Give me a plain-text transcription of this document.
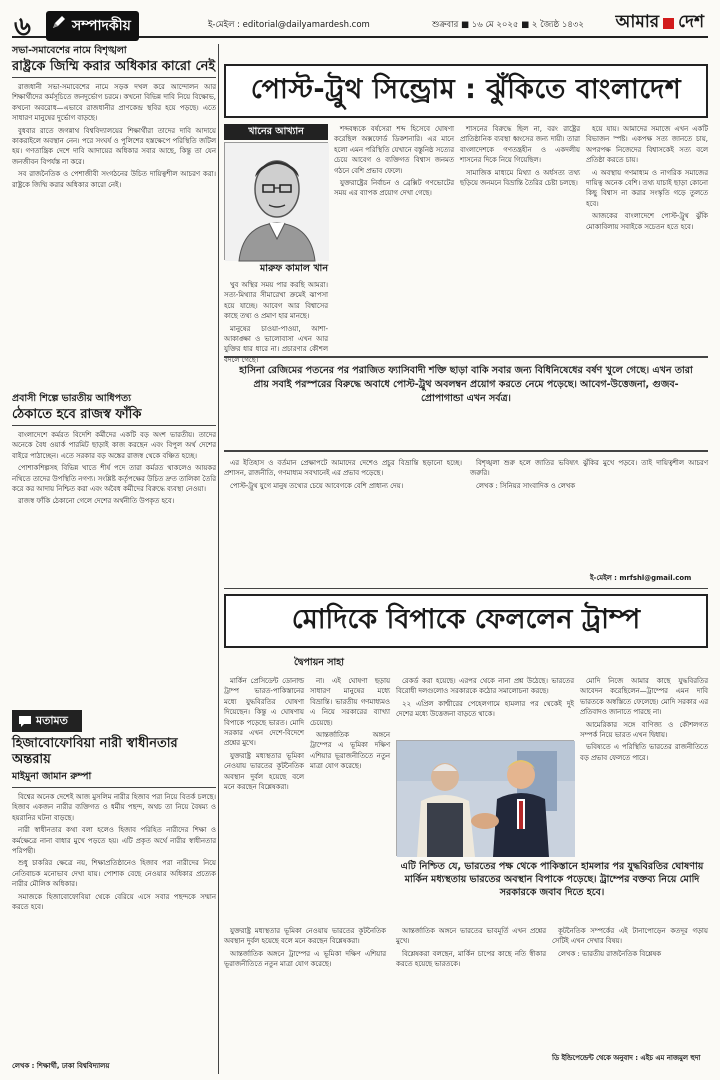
৬	সম্পাদকীয়	ই-মেইল : editorial@dailyamardesh.com	শুক্রবার ■ ১৬ মে ২০২৫ ■ ২ জ্যৈষ্ঠ ১৪৩২ আমার দেশ
সভা-সমাবেশের নামে বিশৃঙ্খলা
রাষ্ট্রকে জিম্মি করার অধিকার কারো নেই

রাজধানী সভা-সমাবেশের নামে সড়ক দখল করে আন্দোলন আর শিক্ষার্থীদের কর্মসূচিতে জনদুর্ভোগ চরমে। কখনো বিভিন্ন দাবি নিয়ে বিক্ষোভ, কখনো অবরোধ—এভাবে রাজধানীর প্রাণকেন্দ্র স্থবির হয়ে পড়ছে। এতে সাধারণ মানুষের দুর্ভোগ বাড়ছে।

বুধবার রাতে জগন্নাথ বিশ্ববিদ্যালয়ের শিক্ষার্থীরা তাদের দাবি আদায়ে কাকরাইলে অবস্থান নেন। পরে সংঘর্ষ ও পুলিশের হস্তক্ষেপে পরিস্থিতি জটিল হয়। গণতান্ত্রিক দেশে দাবি আদায়ের অধিকার সবার আছে, কিন্তু তা যেন জনজীবন বিপর্যস্ত না করে।

সব রাজনৈতিক ও পেশাজীবী সংগঠনের উচিত দায়িত্বশীল আচরণ করা। রাষ্ট্রকে জিম্মি করার অধিকার কারো নেই।

প্রবাসী শিল্পে ভারতীয় আধিপত্য
ঠেকাতে হবে রাজস্ব ফাঁকি

বাংলাদেশে কর্মরত বিদেশি কর্মীদের একটি বড় অংশ ভারতীয়। তাদের অনেকে বৈধ ওয়ার্ক পারমিট ছাড়াই কাজ করছেন এবং বিপুল অর্থ দেশের বাইরে পাঠাচ্ছেন। এতে সরকার বড় অঙ্কের রাজস্ব থেকে বঞ্চিত হচ্ছে।

পোশাকশিল্পসহ বিভিন্ন খাতে শীর্ষ পদে তারা কর্মরত থাকলেও আয়কর নথিতে তাদের উপস্থিতি নগণ্য। সংশ্লিষ্ট কর্তৃপক্ষের উচিত দ্রুত তালিকা তৈরি করে কর আদায় নিশ্চিত করা এবং অবৈধ কর্মীদের বিরুদ্ধে ব্যবস্থা নেওয়া।

রাজস্ব ফাঁকি ঠেকানো গেলে দেশের অর্থনীতি উপকৃত হবে।

মতামত
হিজাবোফোবিয়া নারী স্বাধীনতার অন্তরায়
মাইমুনা জামান রুম্পা

বিশ্বের অনেক দেশেই আজ মুসলিম নারীর হিজাব পরা নিয়ে বিতর্ক চলছে। হিজাব একজন নারীর ব্যক্তিগত ও ধর্মীয় পছন্দ, অথচ তা নিয়ে বৈষম্য ও হয়রানির ঘটনা বাড়ছে।

নারী স্বাধীনতার কথা বলা হলেও হিজাব পরিহিত নারীদের শিক্ষা ও কর্মক্ষেত্রে নানা বাধার মুখে পড়তে হয়। এটি প্রকৃত অর্থে নারীর স্বাধীনতার পরিপন্থী।

শুধু চাকরির ক্ষেত্রে নয়, শিক্ষাপ্রতিষ্ঠানেও হিজাব পরা নারীদের নিয়ে নেতিবাচক মনোভাব দেখা যায়। পোশাক বেছে নেওয়ার অধিকার প্রত্যেক নারীর মৌলিক অধিকার।

সমাজকে হিজাবোফোবিয়া থেকে বেরিয়ে এসে সবার পছন্দকে সম্মান করতে হবে।

লেখক : শিক্ষার্থী, ঢাকা বিশ্ববিদ্যালয়
পোস্ট-ট্রুথ সিন্ড্রোম : ঝুঁকিতে বাংলাদেশ
খানের আখ্যান
মারুফ কামাল খান

খুব অস্থির সময় পার করছি আমরা। সত্য-মিথ্যার সীমারেখা ক্রমেই ঝাপসা হয়ে যাচ্ছে। আবেগ আর বিশ্বাসের কাছে তথ্য ও প্রমাণ হার মানছে।

মানুষের চাওয়া-পাওয়া, আশা-আকাঙ্ক্ষা ও ভালোবাসা এখন আর যুক্তির ধার ধারে না। প্রচারণার কৌশল বদলে গেছে।

শব্দবন্ধকে বর্ষসেরা শব্দ হিসেবে ঘোষণা করেছিল অক্সফোর্ড ডিকশনারি। এর মানে হলো এমন পরিস্থিতি যেখানে বস্তুনিষ্ঠ সত্যের চেয়ে আবেগ ও ব্যক্তিগত বিশ্বাস জনমত গঠনে বেশি প্রভাব ফেলে।

যুক্তরাষ্ট্রের নির্বাচন ও ব্রেক্সিট গণভোটের সময় এর ব্যাপক প্রয়োগ দেখা গেছে।

শাসনের বিরুদ্ধে ছিল না, বরং রাষ্ট্রের প্রাতিষ্ঠানিক ব্যবস্থা ধ্বংসের জন্য দায়ী। তারা বাংলাদেশকে গণতন্ত্রহীন ও একদলীয় শাসনের দিকে নিয়ে গিয়েছিল।

সামাজিক মাধ্যমে মিথ্যা ও অর্ধসত্য তথ্য ছড়িয়ে জনমনে বিভ্রান্তি তৈরির চেষ্টা চলছে।

হয়ে যায়। আমাদের সমাজে এখন একটি বিভাজন স্পষ্ট। একপক্ষ সত্য জানতে চায়, অপরপক্ষ নিজেদের বিশ্বাসকেই সত্য বলে প্রতিষ্ঠা করতে চায়।

এ অবস্থায় গণমাধ্যম ও নাগরিক সমাজের দায়িত্ব অনেক বেশি। তথ্য যাচাই ছাড়া কোনো কিছু বিশ্বাস না করার সংস্কৃতি গড়ে তুলতে হবে।

আজকের বাংলাদেশে পোস্ট-ট্রুথ ঝুঁকি মোকাবিলায় সবাইকে সচেতন হতে হবে।

হাসিনা রেজিমের পতনের পর পরাজিত ফ্যাসিবাদী শক্তি ছাড়া বাকি সবার জন্য বিধিনিষেধের বর্ষণ খুলে গেছে। এখন তারা প্রায় সবাই পরস্পরের বিরুদ্ধে অবাধে পোস্ট-ট্রুথ অবলম্বন প্রয়োগ করতে নেমে পড়েছে। আবেগ-উত্তেজনা, গুজব-প্রোপাগান্ডা এখন সর্বত্র।

এর ইতিহাস ও বর্তমান প্রেক্ষাপটে আমাদের দেশেও প্রচুর বিভ্রান্তি ছড়ানো হচ্ছে। প্রশাসন, রাজনীতি, গণমাধ্যম সবখানেই এর প্রভাব পড়েছে।

পোস্ট-ট্রুথ যুগে মানুষ তথ্যের চেয়ে আবেগকে বেশি প্রাধান্য দেয়।

বিশৃঙ্খলা শুরু হলে জাতির ভবিষ্যৎ ঝুঁকির মুখে পড়বে। তাই দায়িত্বশীল আচরণ জরুরি।

লেখক : সিনিয়র সাংবাদিক ও লেখক

ই-মেইল : mrfshl@gmail.com
মোদিকে বিপাকে ফেললেন ট্রাম্প
দ্বৈপায়ন সাহা

মার্কিন প্রেসিডেন্ট ডোনাল্ড ট্রাম্প ভারত-পাকিস্তানের মধ্যে যুদ্ধবিরতির ঘোষণা দিয়েছেন। কিন্তু এ ঘোষণায় বিপাকে পড়েছে ভারত। মোদি সরকার এখন দেশে-বিদেশে প্রশ্নের মুখে।

যুক্তরাষ্ট্র মধ্যস্থতার ভূমিকা নেওয়ায় ভারতের কূটনৈতিক অবস্থান দুর্বল হয়েছে বলে মনে করছেন বিশ্লেষকরা।

না। এই ঘোষণা ছড়ায় সাধারণ মানুষের মধ্যে বিভ্রান্তি। ভারতীয় গণমাধ্যমও এ নিয়ে সরকারের ব্যাখ্যা চেয়েছে।

আন্তর্জাতিক অঙ্গনে ট্রাম্পের এ ভূমিকা দক্ষিণ এশিয়ার ভূরাজনীতিতে নতুন মাত্রা যোগ করেছে।

রেকর্ড করা হয়েছে। এরপর থেকে নানা প্রশ্ন উঠেছে। ভারতের বিরোধী দলগুলোও সরকারকে কঠোর সমালোচনা করছে।

২২ এপ্রিল কাশ্মীরের পেহেলগামে হামলার পর থেকেই দুই দেশের মধ্যে উত্তেজনা বাড়তে থাকে।

মোদি নিজে আমার কাছে যুদ্ধবিরতির আবেদন করেছিলেন—ট্রাম্পের এমন দাবি ভারতকে অস্বস্তিতে ফেলেছে। মোদি সরকার এর প্রতিবাদও জানাতে পারছে না।

আমেরিকার সঙ্গে বাণিজ্য ও কৌশলগত সম্পর্ক নিয়ে ভারত এখন দ্বিধায়।

ভবিষ্যতে এ পরিস্থিতি ভারতের রাজনীতিতে বড় প্রভাব ফেলতে পারে।

এটি নিশ্চিত যে, ভারতের পক্ষ থেকে পাকিস্তানে হামলার পর যুদ্ধবিরতির ঘোষণায় মার্কিন মধ্যস্থতায় ভারতের অবস্থান বিপাকে পড়েছে। ট্রাম্পের বক্তব্য নিয়ে মোদি সরকারকে জবাব দিতে হবে।

যুক্তরাষ্ট্র মধ্যস্থতার ভূমিকা নেওয়ায় ভারতের কূটনৈতিক অবস্থান দুর্বল হয়েছে বলে মনে করছেন বিশ্লেষকরা।

আন্তর্জাতিক অঙ্গনে ট্রাম্পের এ ভূমিকা দক্ষিণ এশিয়ার ভূরাজনীতিতে নতুন মাত্রা যোগ করেছে।

আন্তর্জাতিক অঙ্গনে ভারতের ভাবমূর্তি এখন প্রশ্নের মুখে।

বিশ্লেষকরা বলছেন, মার্কিন চাপের কাছে নতি স্বীকার করতে হয়েছে ভারতকে।

কূটনৈতিক সম্পর্কের এই টানাপোড়েন কতদূর গড়ায় সেটিই এখন দেখার বিষয়।

লেখক : ভারতীয় রাজনৈতিক বিশ্লেষক

ডি ইন্ডিপেন্ডেন্ট থেকে অনুবাদ : এইচ এম নাজমুল হুদা
